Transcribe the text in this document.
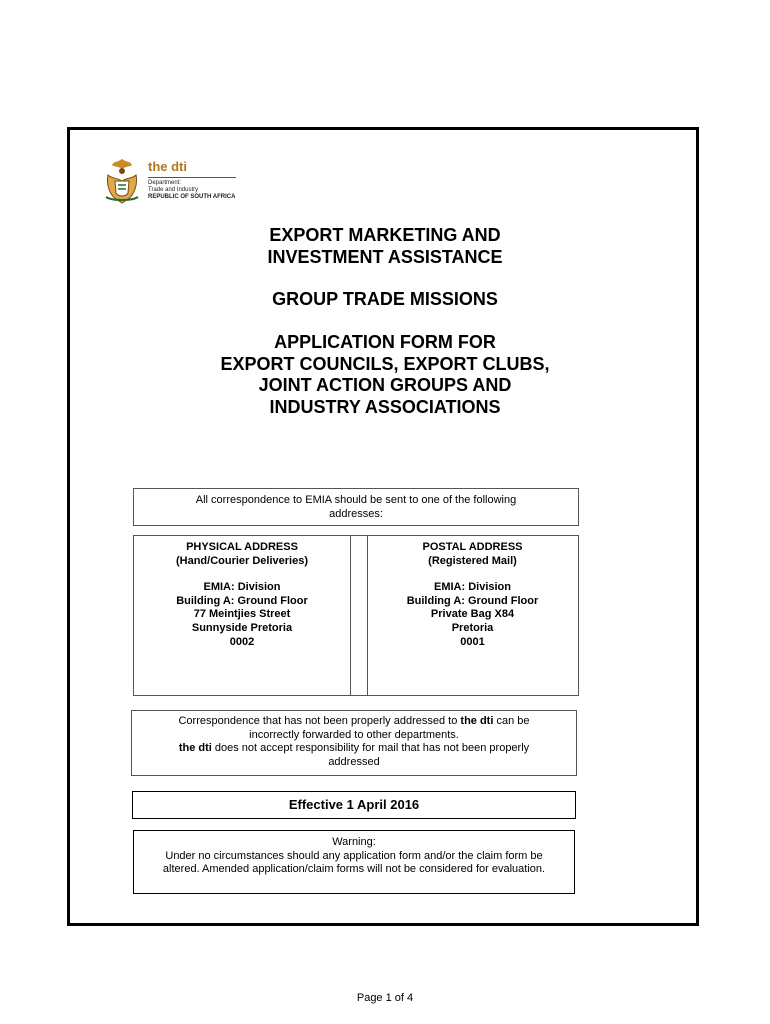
the dti
Department:
Trade and Industry
REPUBLIC OF SOUTH AFRICA
EXPORT MARKETING AND
INVESTMENT ASSISTANCE
GROUP TRADE MISSIONS
APPLICATION FORM FOR
EXPORT COUNCILS, EXPORT CLUBS,
JOINT ACTION GROUPS AND
INDUSTRY ASSOCIATIONS

All correspondence to EMIA should be sent to one of the following
addresses:

PHYSICAL ADDRESS
(Hand/Courier Deliveries)
EMIA: Division
Building A: Ground Floor
77 Meintjies Street
Sunnyside Pretoria
0002
POSTAL ADDRESS
(Registered Mail)
EMIA: Division
Building A: Ground Floor
Private Bag X84
Pretoria
0001

Correspondence that has not been properly addressed to the dti can be
incorrectly forwarded to other departments.
the dti does not accept responsibility for mail that has not been properly
addressed

Effective 1 April 2016

Warning:
Under no circumstances should any application form and/or the claim form be
altered. Amended application/claim forms will not be considered for evaluation.

Page 1 of 4
